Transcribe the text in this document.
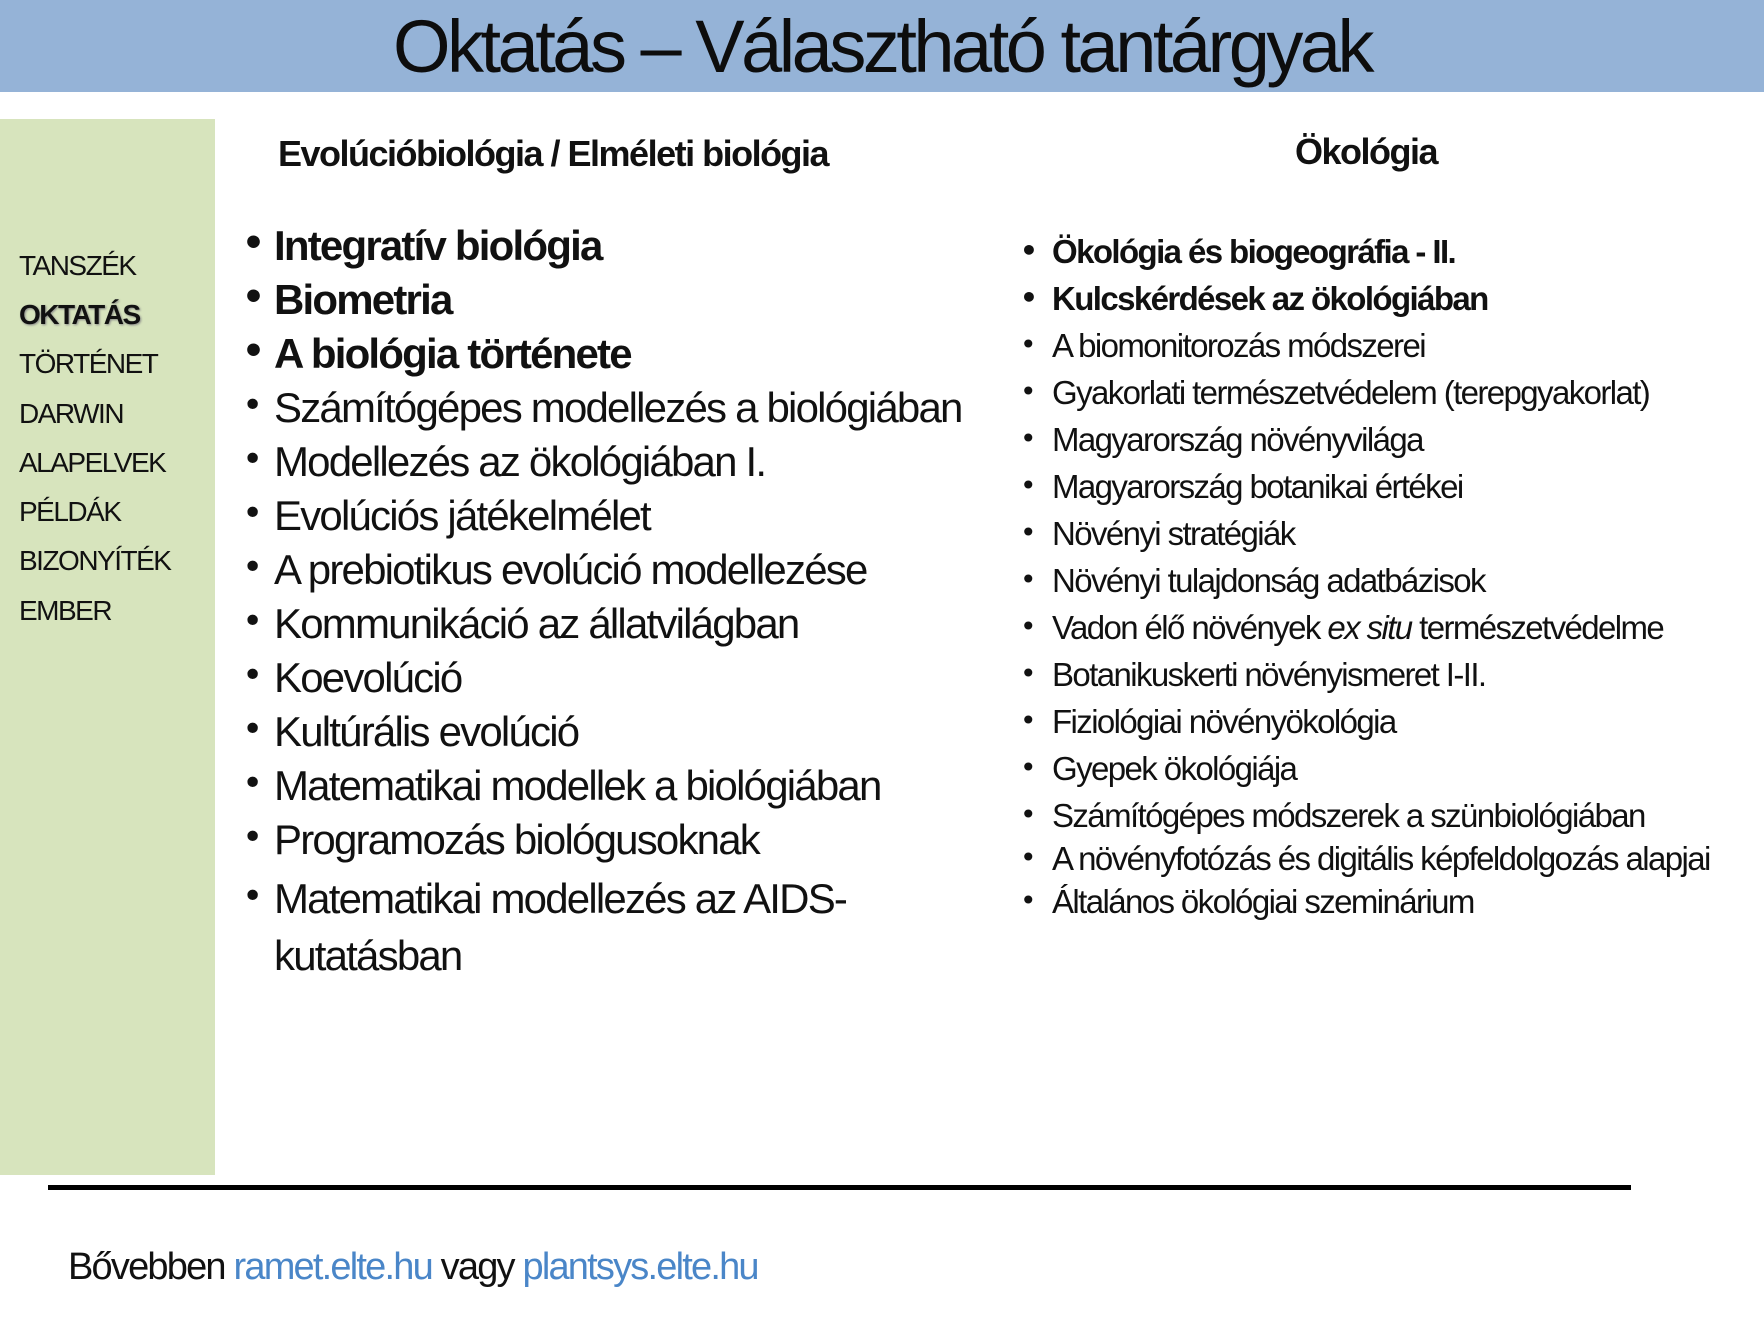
Oktatás – Választható tantárgyak
TANSZÉK
OKTATÁS
TÖRTÉNET
DARWIN
ALAPELVEK
PÉLDÁK
BIZONYÍTÉK
EMBER
Evolúcióbiológia / Elméleti biológia	Ökológia
• Integratív biológia
• Biometria
• A biológia története
• Számítógépes modellezés a biológiában
• Modellezés az ökológiában I.
• Evolúciós játékelmélet
• A prebiotikus evolúció modellezése
• Kommunikáció az állatvilágban
• Koevolúció
• Kultúrális evolúció
• Matematikai modellek a biológiában
• Programozás biológusoknak
• Matematikai modellezés az AIDS-kutatásban
• Ökológia és biogeográfia - II.
• Kulcskérdések az ökológiában
• A biomonitorozás módszerei
• Gyakorlati természetvédelem (terepgyakorlat)
• Magyarország növényvilága
• Magyarország botanikai értékei
• Növényi stratégiák
• Növényi tulajdonság adatbázisok
• Vadon élő növények ex situ természetvédelme
• Botanikuskerti növényismeret I-II.
• Fiziológiai növényökológia
• Gyepek ökológiája
• Számítógépes módszerek a szünbiológiában
• A növényfotózás és digitális képfeldolgozás alapjai
• Általános ökológiai szeminárium
Bővebben ramet.elte.hu vagy plantsys.elte.hu
